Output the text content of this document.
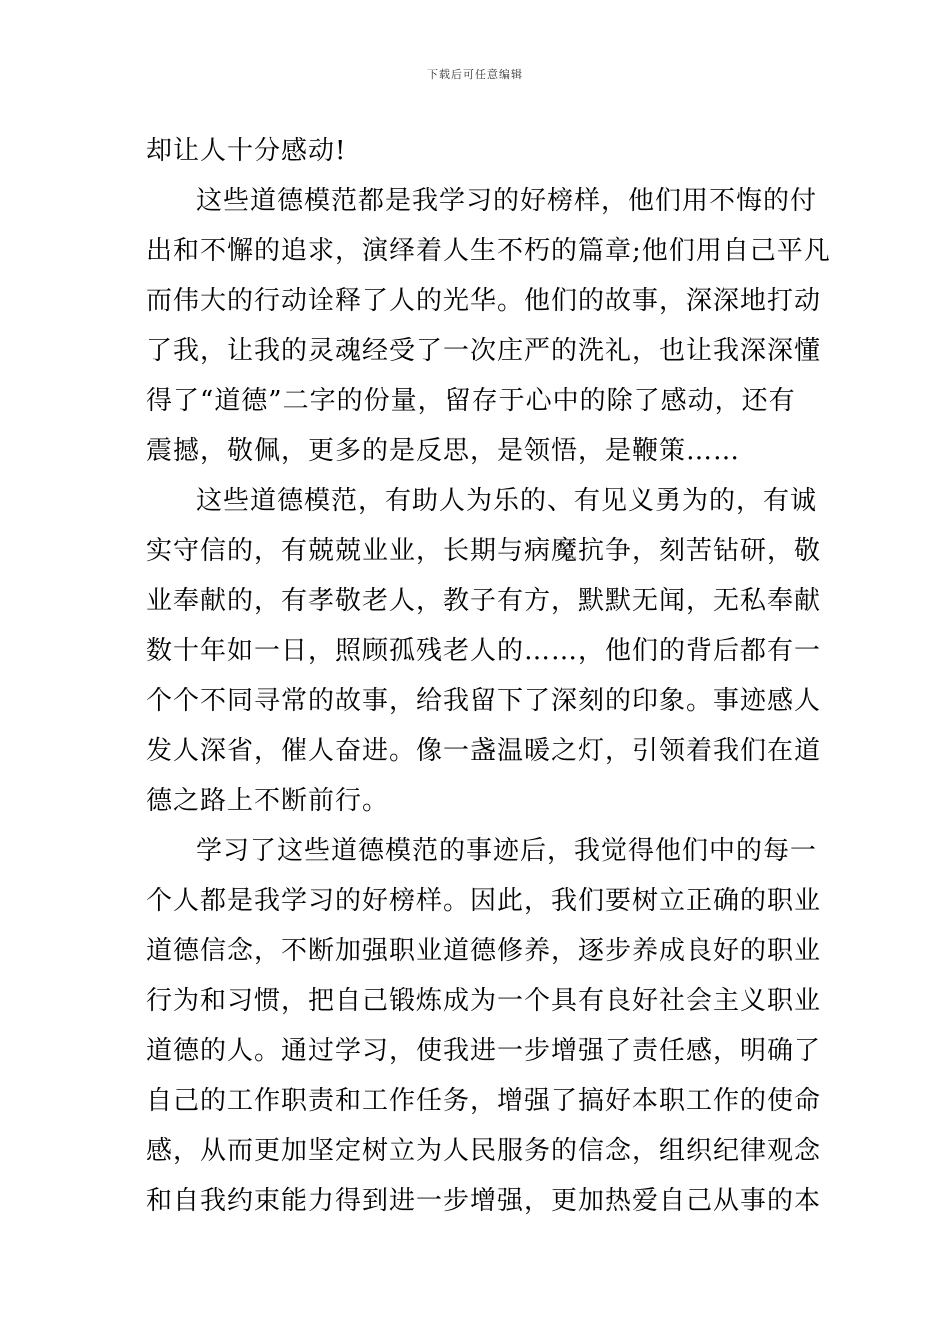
下载后可任意编辑
却让人十分感动!
这些道德模范都是我学习的好榜样，他们用不悔的付
出和不懈的追求，演绎着人生不朽的篇章;他们用自己平凡
而伟大的行动诠释了人的光华。他们的故事，深深地打动
了我，让我的灵魂经受了一次庄严的洗礼，也让我深深懂
得了“道德”二字的份量，留存于心中的除了感动，还有
震撼，敬佩，更多的是反思，是领悟，是鞭策……
这些道德模范，有助人为乐的、有见义勇为的，有诚
实守信的，有兢兢业业，长期与病魔抗争，刻苦钻研，敬
业奉献的，有孝敬老人，教子有方，默默无闻，无私奉献
数十年如一日，照顾孤残老人的……，他们的背后都有一
个个不同寻常的故事，给我留下了深刻的印象。事迹感人
发人深省，催人奋进。像一盏温暖之灯，引领着我们在道
德之路上不断前行。
学习了这些道德模范的事迹后，我觉得他们中的每一
个人都是我学习的好榜样。因此，我们要树立正确的职业
道德信念，不断加强职业道德修养，逐步养成良好的职业
行为和习惯，把自己锻炼成为一个具有良好社会主义职业
道德的人。通过学习，使我进一步增强了责任感，明确了
自己的工作职责和工作任务，增强了搞好本职工作的使命
感，从而更加坚定树立为人民服务的信念，组织纪律观念
和自我约束能力得到进一步增强，更加热爱自己从事的本
